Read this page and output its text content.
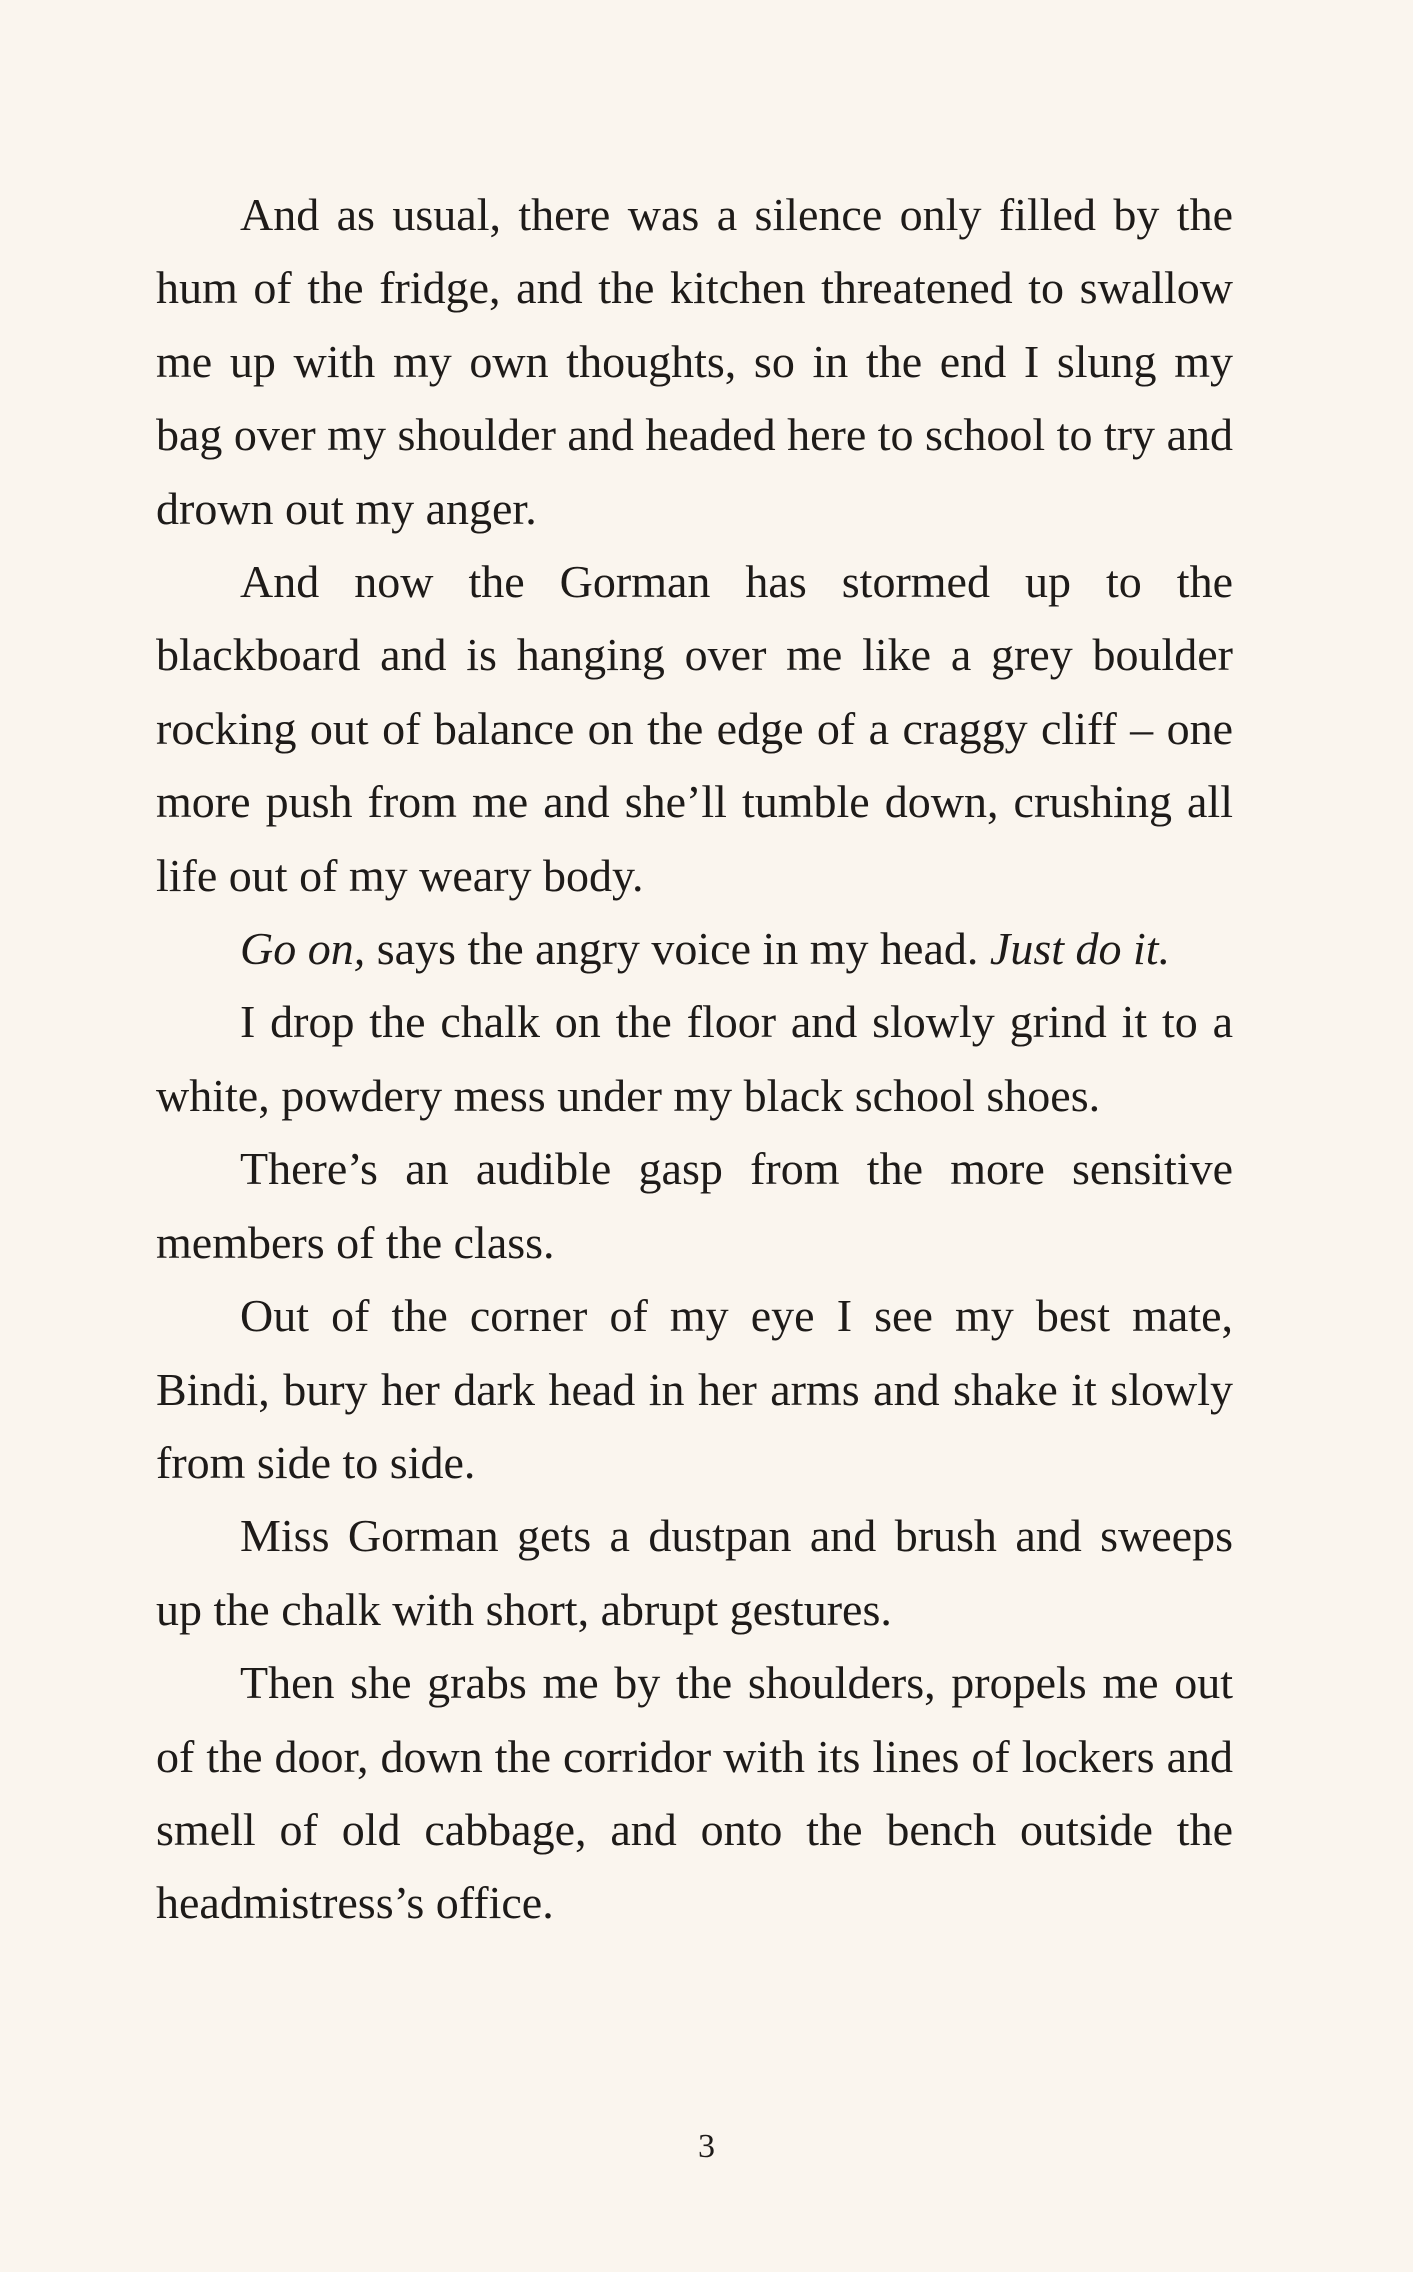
And as usual, there was a silence only filled by the hum of the fridge, and the kitchen threatened to swallow me up with my own thoughts, so in the end I slung my bag over my shoulder and headed here to school to try and drown out my anger.

And now the Gorman has stormed up to the blackboard and is hanging over me like a grey boulder rocking out of balance on the edge of a craggy cliff – one more push from me and she’ll tumble down, crushing all life out of my weary body.

Go on, says the angry voice in my head. Just do it.

I drop the chalk on the floor and slowly grind it to a white, powdery mess under my black school shoes.

There’s an audible gasp from the more sensitive members of the class.

Out of the corner of my eye I see my best mate, Bindi, bury her dark head in her arms and shake it slowly from side to side.

Miss Gorman gets a dustpan and brush and sweeps up the chalk with short, abrupt gestures.

Then she grabs me by the shoulders, propels me out of the door, down the corridor with its lines of lockers and smell of old cabbage, and onto the bench outside the headmistress’s office.

3
